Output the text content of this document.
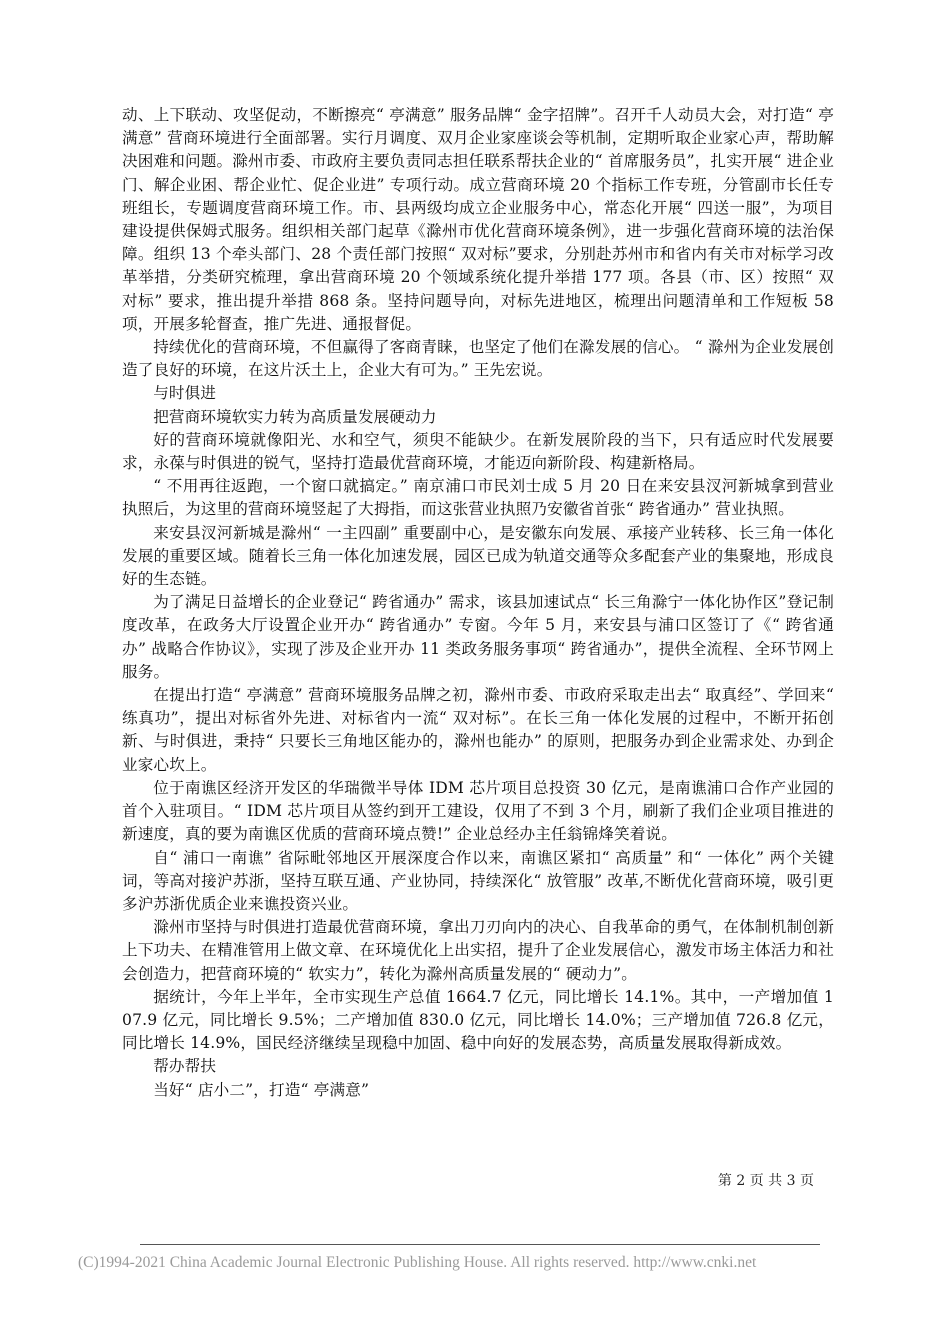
动、上下联动、攻坚促动，不断擦亮“ 亭满意” 服务品牌“ 金字招牌”。召开千人动员大会，对打造“ 亭满意” 营商环境进行全面部署。实行月调度、双月企业家座谈会等机制，定期听取企业家心声，帮助解决困难和问题。滁州市委、市政府主要负责同志担任联系帮扶企业的“ 首席服务员”，扎实开展“ 进企业门、解企业困、帮企业忙、促企业进” 专项行动。成立营商环境 20 个指标工作专班，分管副市长任专班组长，专题调度营商环境工作。市、县两级均成立企业服务中心，常态化开展“ 四送一服”，为项目建设提供保姆式服务。组织相关部门起草《滁州市优化营商环境条例》，进一步强化营商环境的法治保障。组织 13 个牵头部门、28 个责任部门按照“ 双对标”要求，分别赴苏州市和省内有关市对标学习改革举措，分类研究梳理，拿出营商环境 20 个领域系统化提升举措 177 项。各县（市、区）按照“ 双对标” 要求，推出提升举措 868 条。坚持问题导向，对标先进地区，梳理出问题清单和工作短板 58 项，开展多轮督查，推广先进、通报督促。

持续优化的营商环境，不但赢得了客商青睐，也坚定了他们在滁发展的信心。 “ 滁州为企业发展创造了良好的环境，在这片沃土上，企业大有可为。” 王先宏说。

与时俱进

把营商环境软实力转为高质量发展硬动力

好的营商环境就像阳光、水和空气，须臾不能缺少。在新发展阶段的当下，只有适应时代发展要求，永葆与时俱进的锐气，坚持打造最优营商环境，才能迈向新阶段、构建新格局。

“ 不用再往返跑，一个窗口就搞定。” 南京浦口市民刘士成 5 月 20 日在来安县汊河新城拿到营业执照后，为这里的营商环境竖起了大拇指，而这张营业执照乃安徽省首张“ 跨省通办” 营业执照。

来安县汊河新城是滁州“ 一主四副” 重要副中心，是安徽东向发展、承接产业转移、长三角一体化发展的重要区域。随着长三角一体化加速发展，园区已成为轨道交通等众多配套产业的集聚地，形成良好的生态链。

为了满足日益增长的企业登记“ 跨省通办” 需求，该县加速试点“ 长三角滁宁一体化协作区”登记制度改革，在政务大厅设置企业开办“ 跨省通办” 专窗。今年 5 月，来安县与浦口区签订了《“ 跨省通办” 战略合作协议》，实现了涉及企业开办 11 类政务服务事项“ 跨省通办”，提供全流程、全环节网上服务。

在提出打造“ 亭满意” 营商环境服务品牌之初，滁州市委、市政府采取走出去“ 取真经”、学回来“ 练真功”，提出对标省外先进、对标省内一流“ 双对标”。在长三角一体化发展的过程中，不断开拓创新、与时俱进，秉持“ 只要长三角地区能办的，滁州也能办” 的原则，把服务办到企业需求处、办到企业家心坎上。

位于南谯区经济开发区的华瑞微半导体 IDM 芯片项目总投资 30 亿元，是南谯浦口合作产业园的首个入驻项目。“ IDM 芯片项目从签约到开工建设，仅用了不到 3 个月，刷新了我们企业项目推进的新速度，真的要为南谯区优质的营商环境点赞!” 企业总经办主任翁锦烽笑着说。

自“ 浦口一南谯” 省际毗邻地区开展深度合作以来，南谯区紧扣“ 高质量” 和“ 一体化” 两个关键词，等高对接沪苏浙，坚持互联互通、产业协同，持续深化“ 放管服” 改革,不断优化营商环境，吸引更多沪苏浙优质企业来谯投资兴业。

滁州市坚持与时俱进打造最优营商环境，拿出刀刃向内的决心、自我革命的勇气，在体制机制创新上下功夫、在精准管用上做文章、在环境优化上出实招，提升了企业发展信心，激发市场主体活力和社会创造力，把营商环境的“ 软实力”，转化为滁州高质量发展的“ 硬动力”。

据统计，今年上半年，全市实现生产总值 1664.7 亿元，同比增长 14.1%。其中，一产增加值 107.9 亿元，同比增长 9.5%；二产增加值 830.0 亿元，同比增长 14.0%；三产增加值 726.8 亿元，同比增长 14.9%，国民经济继续呈现稳中加固、稳中向好的发展态势，高质量发展取得新成效。

帮办帮扶

当好“ 店小二”，打造“ 亭满意”

第 2 页 共 3 页
(C)1994-2021 China Academic Journal Electronic Publishing House. All rights reserved. http://www.cnki.net
